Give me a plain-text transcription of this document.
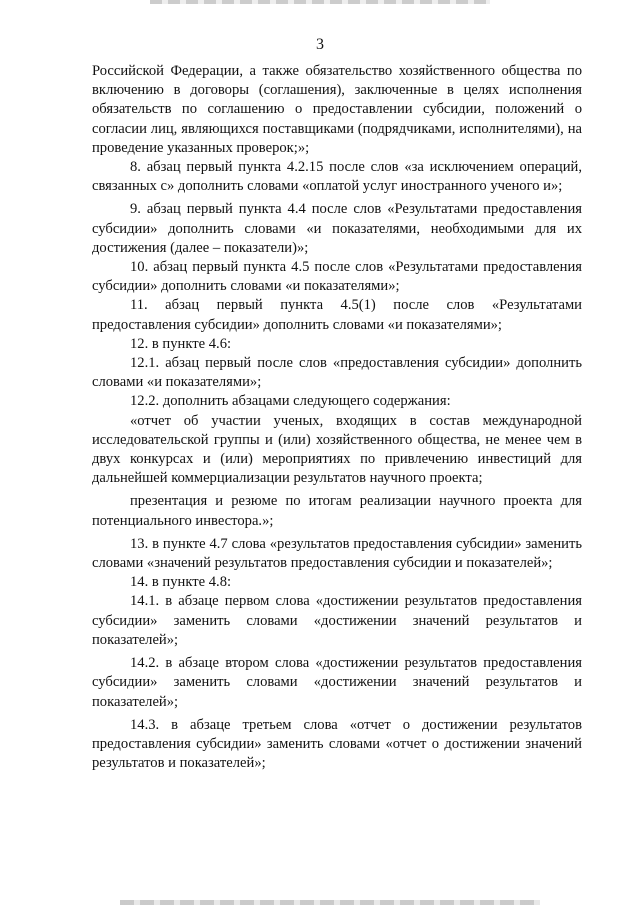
3

Российской Федерации, а также обязательство хозяйственного общества по включению в договоры (соглашения), заключенные в целях исполнения обязательств по соглашению о предоставлении субсидии, положений о согласии лиц, являющихся поставщиками (подрядчиками, исполнителями), на проведение указанных проверок;»;

8. абзац первый пункта 4.2.15 после слов «за исключением операций, связанных с» дополнить словами «оплатой услуг иностранного ученого и»;

9. абзац первый пункта 4.4 после слов «Результатами предоставления субсидии» дополнить словами «и показателями, необходимыми для их достижения (далее – показатели)»;

10. абзац первый пункта 4.5 после слов «Результатами предоставления субсидии» дополнить словами «и показателями»;

11. абзац первый пункта 4.5(1) после слов «Результатами предоставления субсидии» дополнить словами «и показателями»;

12. в пункте 4.6:

12.1. абзац первый после слов «предоставления субсидии» дополнить словами «и показателями»;

12.2. дополнить абзацами следующего содержания:

«отчет об участии ученых, входящих в состав международной исследовательской группы и (или) хозяйственного общества, не менее чем в двух конкурсах и (или) мероприятиях по привлечению инвестиций для дальнейшей коммерциализации результатов научного проекта;

презентация и резюме по итогам реализации научного проекта для потенциального инвестора.»;

13. в пункте 4.7 слова «результатов предоставления субсидии» заменить словами «значений результатов предоставления субсидии и показателей»;

14. в пункте 4.8:

14.1. в абзаце первом слова «достижении результатов предоставления субсидии» заменить словами «достижении значений результатов и показателей»;

14.2. в абзаце втором слова «достижении результатов предоставления субсидии» заменить словами «достижении значений результатов и показателей»;

14.3. в абзаце третьем слова «отчет о достижении результатов предоставления субсидии» заменить словами «отчет о достижении значений результатов и показателей»;
